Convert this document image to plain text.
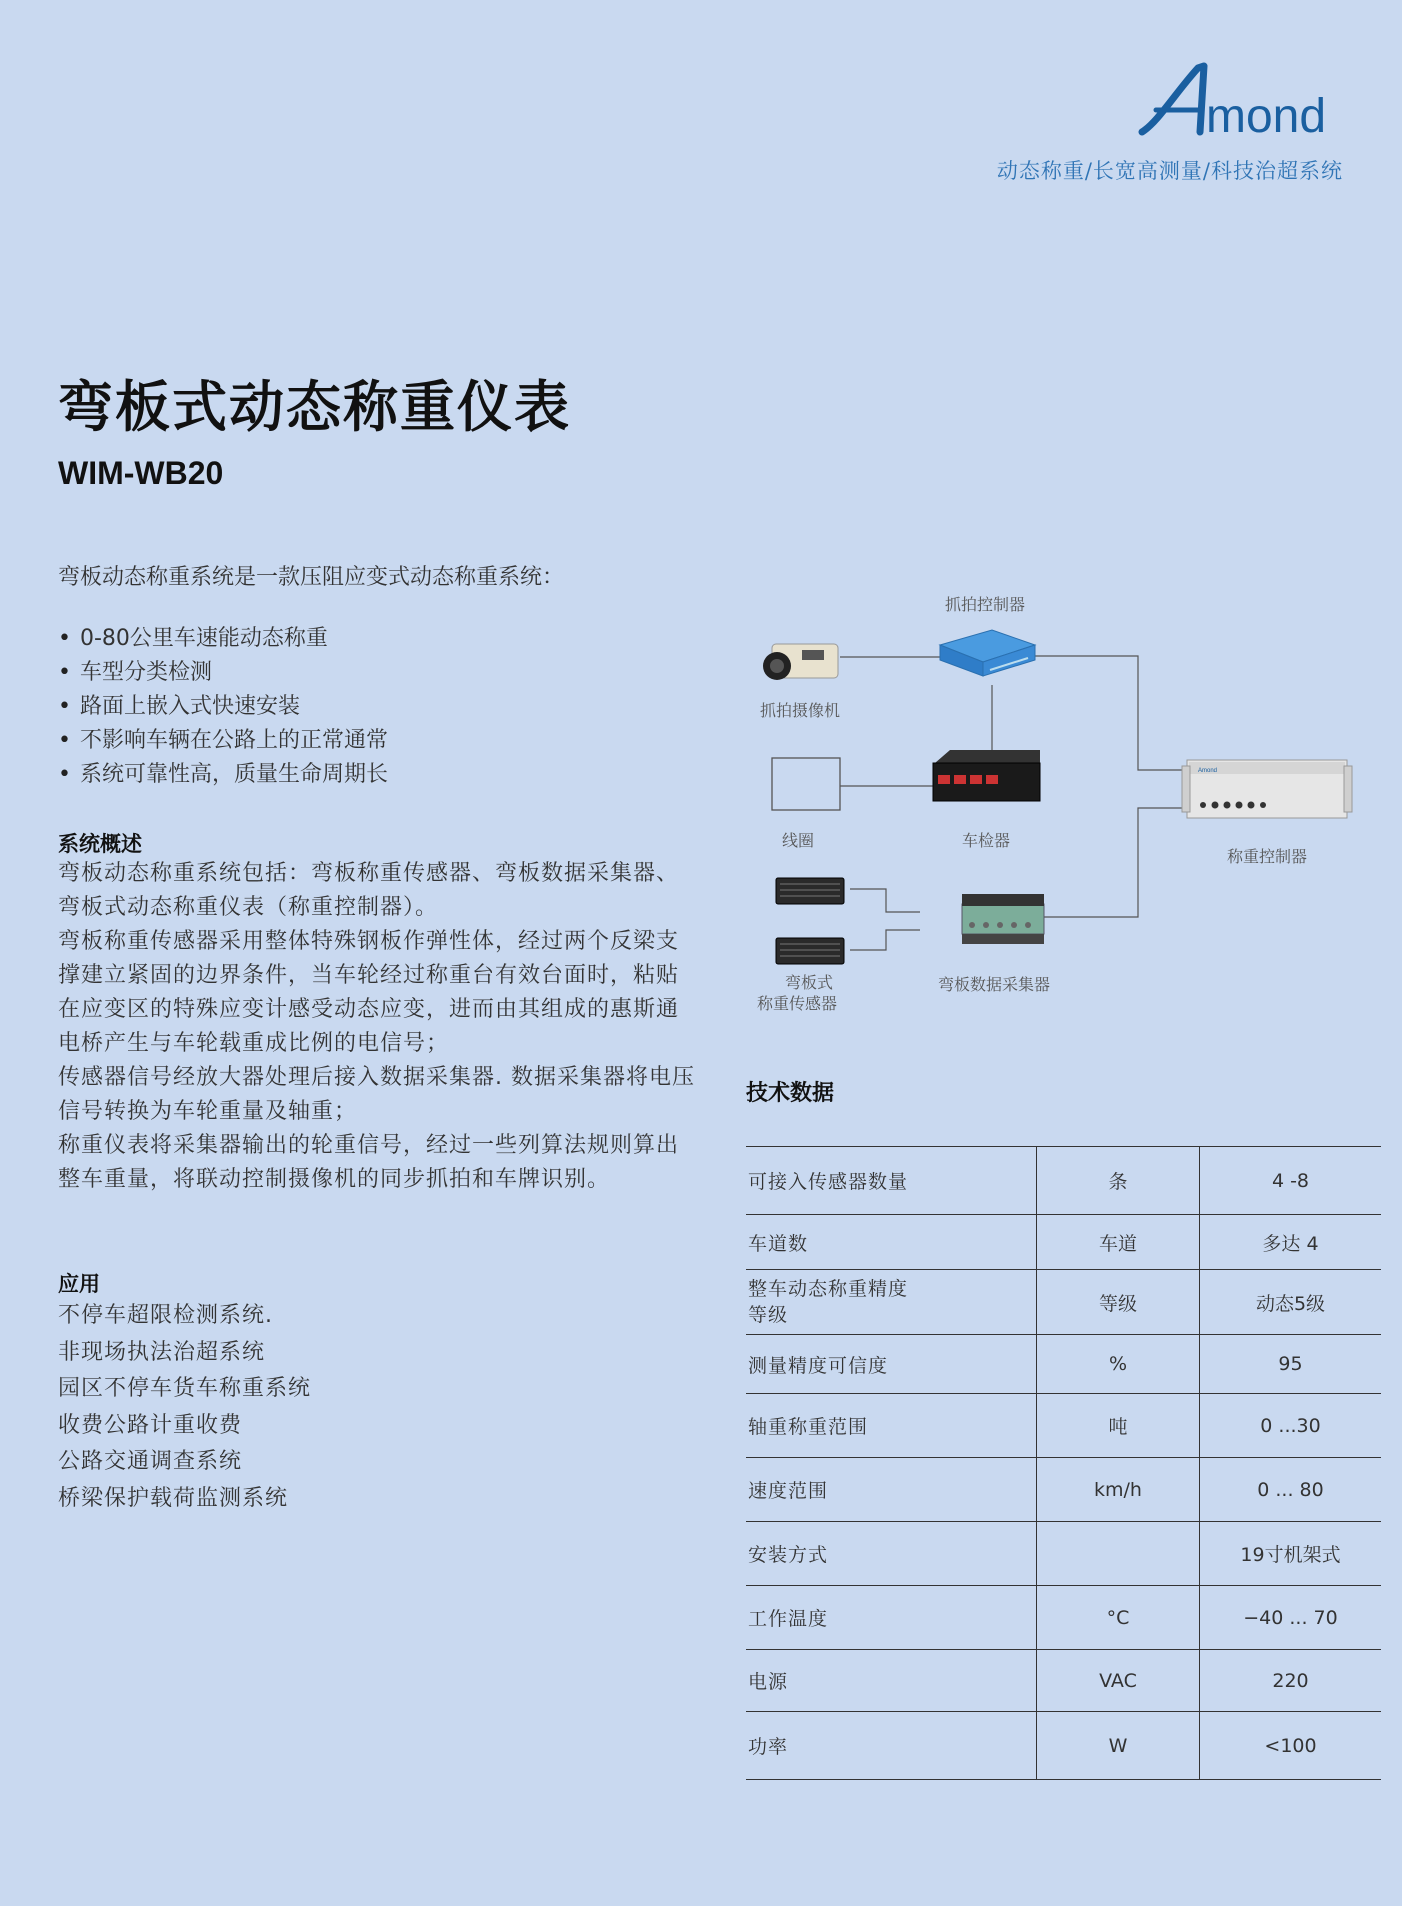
mond
动态称重/长宽高测量/科技治超系统
弯板式动态称重仪表
WIM-WB20
弯板动态称重系统是一款压阻应变式动态称重系统：
• 0-80公里车速能动态称重
• 车型分类检测
• 路面上嵌入式快速安装
• 不影响车辆在公路上的正常通常
• 系统可靠性高，质量生命周期长
系统概述

弯板动态称重系统包括：弯板称重传感器、弯板数据采集器、弯板式动态称重仪表（称重控制器）。

弯板称重传感器采用整体特殊钢板作弹性体，经过两个反梁支撑建立紧固的边界条件，当车轮经过称重台有效台面时，粘贴在应变区的特殊应变计感受动态应变，进而由其组成的惠斯通电桥产生与车轮载重成比例的电信号；

传感器信号经放大器处理后接入数据采集器. 数据采集器将电压信号转换为车轮重量及轴重；

称重仪表将采集器输出的轮重信号，经过一些列算法规则算出整车重量，将联动控制摄像机的同步抓拍和车牌识别。

应用
不停车超限检测系统.
非现场执法治超系统
园区不停车货车称重系统
收费公路计重收费
公路交通调查系统
桥梁保护载荷监测系统
Amond
抓拍控制器
抓拍摄像机
线圈	车检器
称重控制器
弯板式
称重传感器
弯板数据采集器
技术数据
可接入传感器数量	条	4 -8
车道数	车道	多达 4
整车动态称重精度等级	等级	动态5级
测量精度可信度	%	95
轴重称重范围	吨	0 ...30
速度范围	km/h	0 ... 80
安装方式		19寸机架式
工作温度	°C	−40 ... 70
电源	VAC	220
功率	W	<100
